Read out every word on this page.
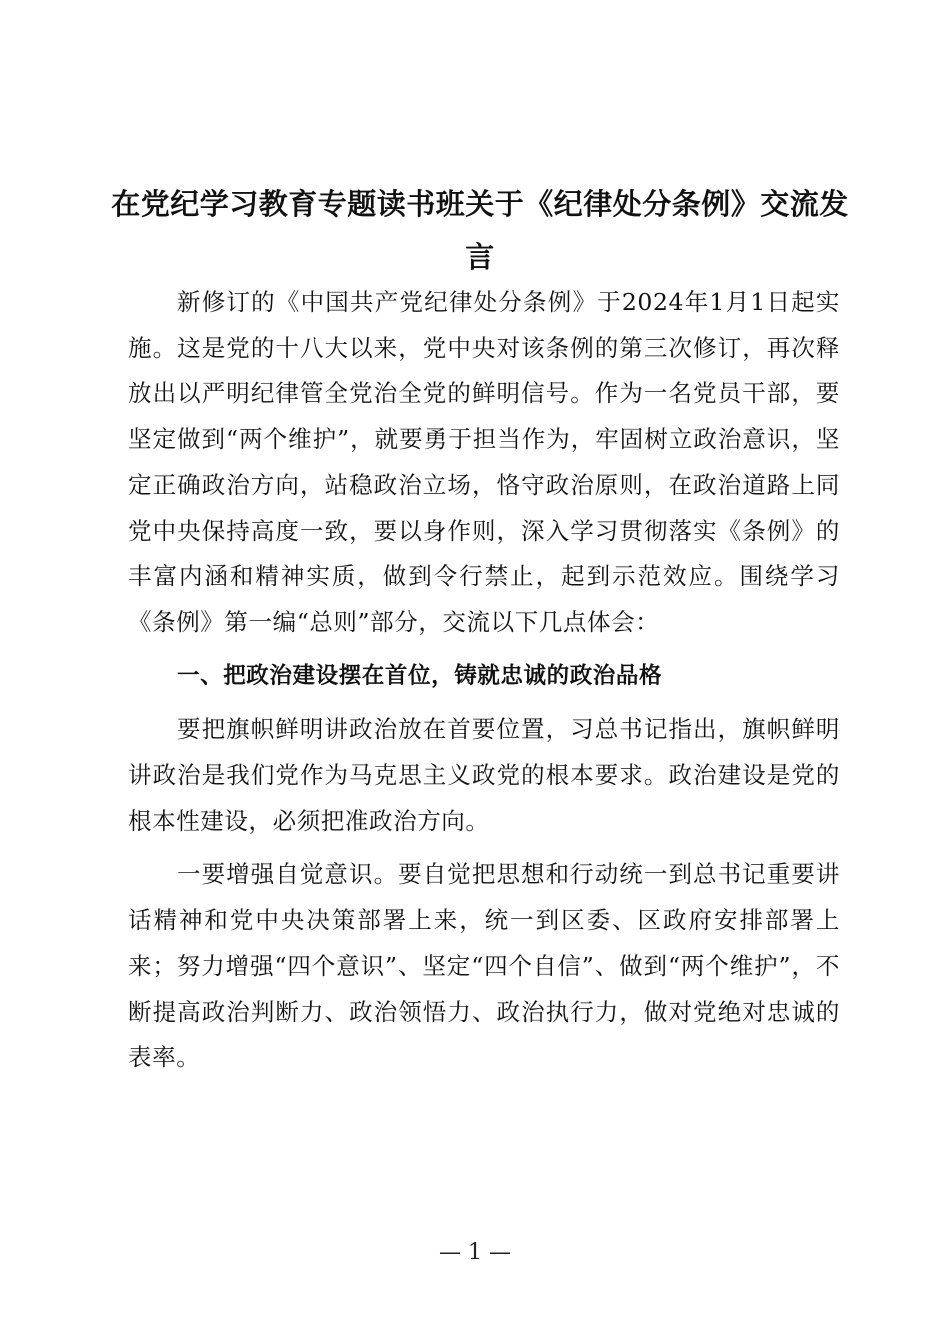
在党纪学习教育专题读书班关于《纪律处分条例》交流发言

新修订的《中国共产党纪律处分条例》于2024年1月1日起实施。这是党的十八大以来，党中央对该条例的第三次修订，再次释放出以严明纪律管全党治全党的鲜明信号。作为一名党员干部，要坚定做到“两个维护”，就要勇于担当作为，牢固树立政治意识，坚定正确政治方向，站稳政治立场，恪守政治原则，在政治道路上同党中央保持高度一致，要以身作则，深入学习贯彻落实《条例》的丰富内涵和精神实质，做到令行禁止，起到示范效应。围绕学习《条例》第一编“总则”部分，交流以下几点体会：

一、把政治建设摆在首位，铸就忠诚的政治品格

要把旗帜鲜明讲政治放在首要位置，习总书记指出，旗帜鲜明讲政治是我们党作为马克思主义政党的根本要求。政治建设是党的根本性建设，必须把准政治方向。

一要增强自觉意识。要自觉把思想和行动统一到总书记重要讲话精神和党中央决策部署上来，统一到区委、区政府安排部署上来；努力增强“四个意识”、坚定“四个自信”、做到“两个维护”，不断提高政治判断力、政治领悟力、政治执行力，做对党绝对忠诚的表率。

— 1 —
